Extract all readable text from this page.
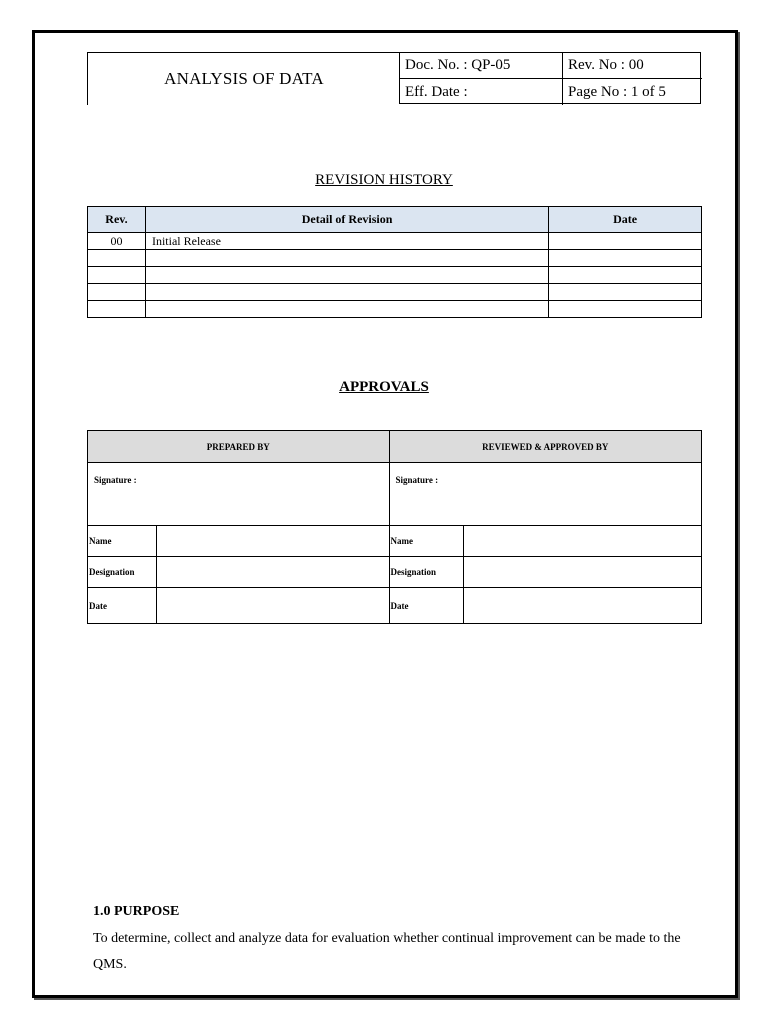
ANALYSIS OF DATA
Doc. No. : QP-05	Rev. No : 00
Eff. Date :	Page No : 1 of 5
REVISION HISTORY
Rev.	Detail of Revision	Date
00	Initial Release	

APPROVALS
PREPARED BY		REVIEWED & APPROVED BY	
Signature :		Signature :	
Name		Name	
Designation		Designation	
Date		Date	
1.0 PURPOSE
To determine, collect and analyze data for evaluation whether continual improvement can be made to the QMS.
